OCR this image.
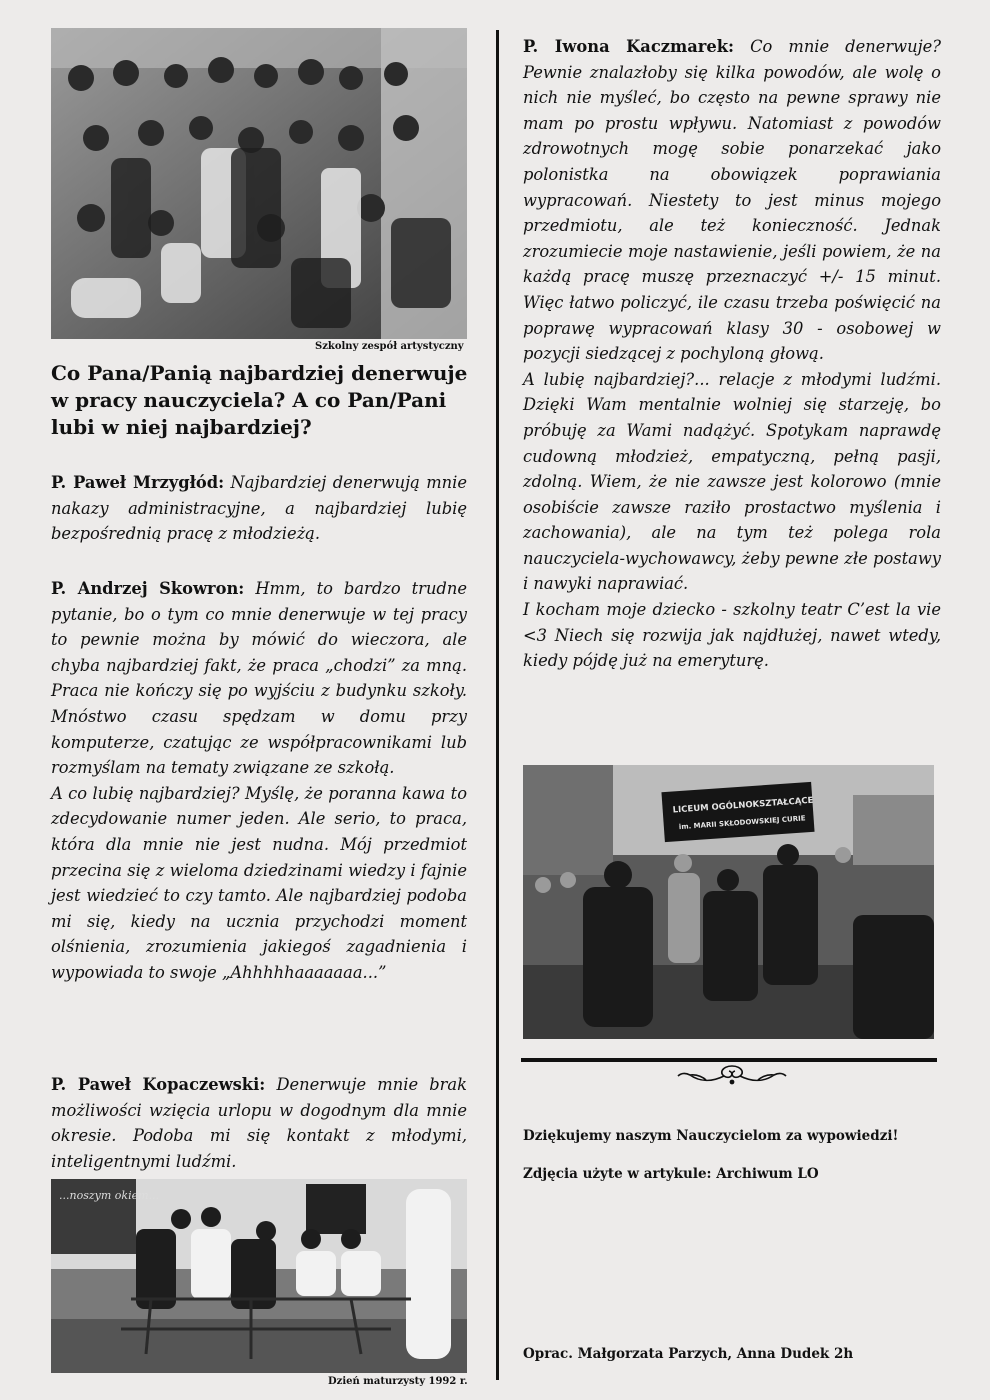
Szkolny zespół artystyczny
Co Pana/Panią najbardziej denerwuje w pracy nauczyciela? A co Pan/Pani lubi w niej najbardziej?

P. Paweł Mrzygłód: Najbardziej denerwują mnie nakazy administracyjne, a najbardziej lubię bezpośrednią pracę z młodzieżą.

P. Andrzej Skowron: Hmm, to bardzo trudne pytanie, bo o tym co mnie denerwuje w tej pracy to pewnie można by mówić do wieczora, ale chyba najbardziej fakt, że praca „chodzi” za mną. Praca nie kończy się po wyjściu z budynku szkoły. Mnóstwo czasu spędzam w domu przy komputerze, czatując ze współpracownikami lub rozmyślam na tematy związane ze szkołą.
A co lubię najbardziej? Myślę, że poranna kawa to zdecydowanie numer jeden. Ale serio, to praca, która dla mnie nie jest nudna. Mój przedmiot przecina się z wieloma dziedzinami wiedzy i fajnie jest wiedzieć to czy tamto. Ale najbardziej podoba mi się, kiedy na ucznia przychodzi moment olśnienia, zrozumienia jakiegoś zagadnienia i wypowiada to swoje „Ahhhhhaaaaaaa...”

P. Paweł Kopaczewski: Denerwuje mnie brak możliwości wzięcia urlopu w dogodnym dla mnie okresie. Podoba mi się kontakt z młodymi, inteligentnymi ludźmi.

...noszym okiem...
Dzień maturzysty 1992 r.

P. Iwona Kaczmarek: Co mnie denerwuje? Pewnie znalazłoby się kilka powodów, ale wolę o nich nie myśleć, bo często na pewne sprawy nie mam po prostu wpływu. Natomiast z powodów zdrowotnych mogę sobie ponarzekać jako polonistka na obowiązek poprawiania wypracowań. Niestety to jest minus mojego przedmiotu, ale też konieczność. Jednak zrozumiecie moje nastawienie, jeśli powiem, że na każdą pracę muszę przeznaczyć +/- 15 minut. Więc łatwo policzyć, ile czasu trzeba poświęcić na poprawę wypracowań klasy 30 - osobowej w pozycji siedzącej z pochyloną głową.
A lubię najbardziej?... relacje z młodymi ludźmi. Dzięki Wam mentalnie wolniej się starzeję, bo próbuję za Wami nadążyć. Spotykam naprawdę cudowną młodzież, empatyczną, pełną pasji, zdolną. Wiem, że nie zawsze jest kolorowo (mnie osobiście zawsze raziło prostactwo myślenia i zachowania), ale na tym też polega rola nauczyciela-wychowawcy, żeby pewne złe postawy i nawyki naprawiać.
I kocham moje dziecko - szkolny teatr C’est la vie <3 Niech się rozwija jak najdłużej, nawet wtedy, kiedy pójdę już na emeryturę.

LICEUM OGÓLNOKSZTAŁCĄCE
im. MARII SKŁODOWSKIEJ CURIE

Dziękujemy naszym Nauczycielom za wypowiedzi!

Zdjęcia użyte w artykule: Archiwum LO

Oprac. Małgorzata Parzych, Anna Dudek 2h
